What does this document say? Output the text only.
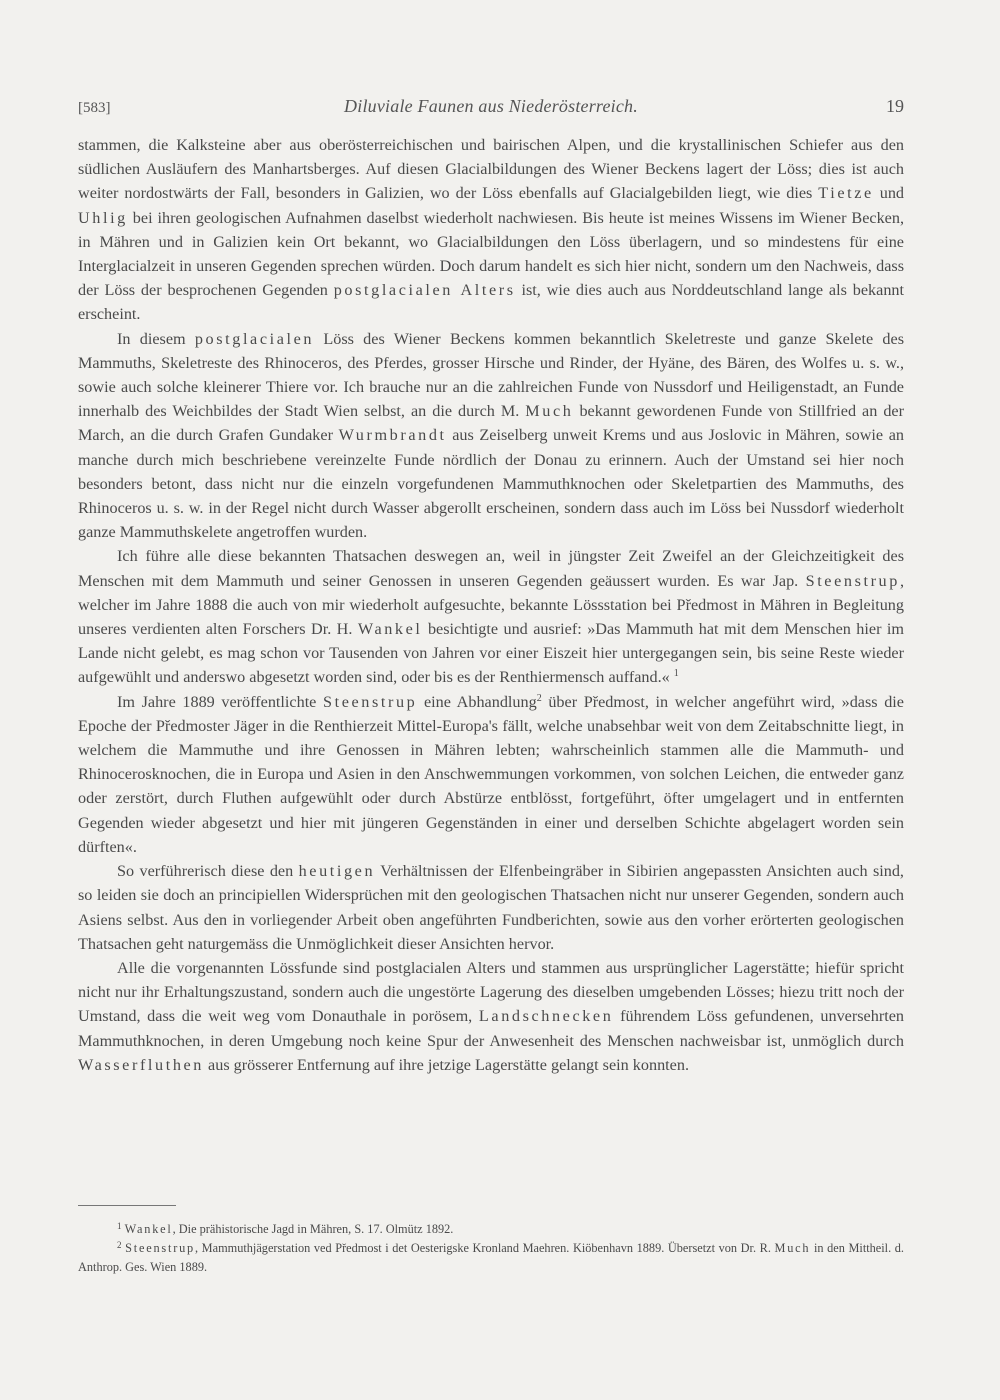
[583]	Diluviale Faunen aus Niederösterreich.	19

stammen, die Kalksteine aber aus oberösterreichischen und bairischen Alpen, und die krystallinischen Schiefer aus den südlichen Ausläufern des Manhartsberges. Auf diesen Glacialbildungen des Wiener Beckens lagert der Löss; dies ist auch weiter nordostwärts der Fall, besonders in Galizien, wo der Löss ebenfalls auf Glacialgebilden liegt, wie dies Tietze und Uhlig bei ihren geologischen Aufnahmen daselbst wiederholt nachwiesen. Bis heute ist meines Wissens im Wiener Becken, in Mähren und in Galizien kein Ort bekannt, wo Glacialbildungen den Löss überlagern, und so mindestens für eine Interglacialzeit in unseren Gegenden sprechen würden. Doch darum handelt es sich hier nicht, sondern um den Nachweis, dass der Löss der besprochenen Gegenden postglacialen Alters ist, wie dies auch aus Norddeutschland lange als bekannt erscheint.

In diesem postglacialen Löss des Wiener Beckens kommen bekanntlich Skeletreste und ganze Skelete des Mammuths, Skeletreste des Rhinoceros, des Pferdes, grosser Hirsche und Rinder, der Hyäne, des Bären, des Wolfes u. s. w., sowie auch solche kleinerer Thiere vor. Ich brauche nur an die zahlreichen Funde von Nussdorf und Heiligenstadt, an Funde innerhalb des Weichbildes der Stadt Wien selbst, an die durch M. Much bekannt gewordenen Funde von Stillfried an der March, an die durch Grafen Gundaker Wurmbrandt aus Zeiselberg unweit Krems und aus Joslovic in Mähren, sowie an manche durch mich beschriebene vereinzelte Funde nördlich der Donau zu erinnern. Auch der Umstand sei hier noch besonders betont, dass nicht nur die einzeln vorgefundenen Mammuthknochen oder Skeletpartien des Mammuths, des Rhinoceros u. s. w. in der Regel nicht durch Wasser abgerollt erscheinen, sondern dass auch im Löss bei Nussdorf wiederholt ganze Mammuthskelete angetroffen wurden.

Ich führe alle diese bekannten Thatsachen deswegen an, weil in jüngster Zeit Zweifel an der Gleichzeitigkeit des Menschen mit dem Mammuth und seiner Genossen in unseren Gegenden geäussert wurden. Es war Jap. Steenstrup, welcher im Jahre 1888 die auch von mir wiederholt aufgesuchte, bekannte Lössstation bei Předmost in Mähren in Begleitung unseres verdienten alten Forschers Dr. H. Wankel besichtigte und ausrief: »Das Mammuth hat mit dem Menschen hier im Lande nicht gelebt, es mag schon vor Tausenden von Jahren vor einer Eiszeit hier untergegangen sein, bis seine Reste wieder aufgewühlt und anderswo abgesetzt worden sind, oder bis es der Renthiermensch auffand.« $^1$

Im Jahre 1889 veröffentlichte Steenstrup eine Abhandlung$^2$ über Předmost, in welcher angeführt wird, »dass die Epoche der Předmoster Jäger in die Renthierzeit Mittel-Europa's fällt, welche unabsehbar weit von dem Zeitabschnitte liegt, in welchem die Mammuthe und ihre Genossen in Mähren lebten; wahrscheinlich stammen alle die Mammuth- und Rhinocerosknochen, die in Europa und Asien in den Anschwemmungen vorkommen, von solchen Leichen, die entweder ganz oder zerstört, durch Fluthen aufgewühlt oder durch Abstürze entblösst, fortgeführt, öfter umgelagert und in entfernten Gegenden wieder abgesetzt und hier mit jüngeren Gegenständen in einer und derselben Schichte abgelagert worden sein dürften«.

So verführerisch diese den heutigen Verhältnissen der Elfenbeingräber in Sibirien angepassten Ansichten auch sind, so leiden sie doch an principiellen Widersprüchen mit den geologischen Thatsachen nicht nur unserer Gegenden, sondern auch Asiens selbst. Aus den in vorliegender Arbeit oben angeführten Fundberichten, sowie aus den vorher erörterten geologischen Thatsachen geht naturgemäss die Unmöglichkeit dieser Ansichten hervor.

Alle die vorgenannten Lössfunde sind postglacialen Alters und stammen aus ursprünglicher Lagerstätte; hiefür spricht nicht nur ihr Erhaltungszustand, sondern auch die ungestörte Lagerung des dieselben umgebenden Lösses; hiezu tritt noch der Umstand, dass die weit weg vom Donauthale in porösem, Landschnecken führendem Löss gefundenen, unversehrten Mammuthknochen, in deren Umgebung noch keine Spur der Anwesenheit des Menschen nachweisbar ist, unmöglich durch Wasserfluthen aus grösserer Entfernung auf ihre jetzige Lagerstätte gelangt sein konnten.

$^1$ Wankel, Die prähistorische Jagd in Mähren, S. 17. Olmütz 1892.

$^2$ Steenstrup, Mammuthjägerstation ved Předmost i det Oesterigske Kronland Maehren. Kiöbenhavn 1889. Übersetzt von Dr. R. Much in den Mittheil. d. Anthrop. Ges. Wien 1889.
